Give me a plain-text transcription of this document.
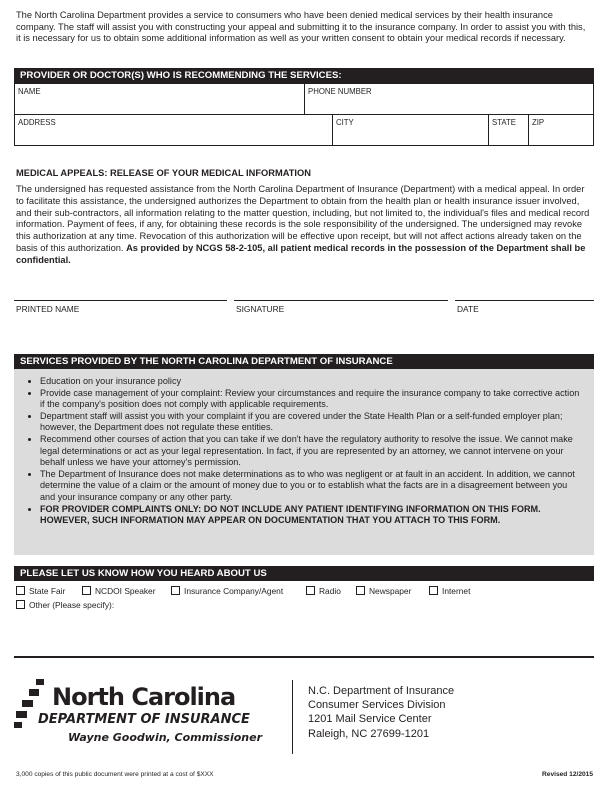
The North Carolina Department provides a service to consumers who have been denied medical services by their health insurance company. The staff will assist you with constructing your appeal and submitting it to the insurance company. In order to assist you with this, it is necessary for us to obtain some additional information as well as your written consent to obtain your medical records if necessary.
PROVIDER OR DOCTOR(S) WHO IS RECOMMENDING THE SERVICES:
NAME	PHONE NUMBER
ADDRESS	CITY	STATE	ZIP
MEDICAL APPEALS: RELEASE OF YOUR MEDICAL INFORMATION
The undersigned has requested assistance from the North Carolina Department of Insurance (Department) with a medical appeal. In order to facilitate this assistance, the undersigned authorizes the Department to obtain from the health plan or health insurance issuer involved, and their sub-contractors, all information relating to the matter question, including, but not limited to, the individual's files and medical record information. Payment of fees, if any, for obtaining these records is the sole responsibility of the undersigned. The undersigned may revoke this authorization at any time. Revocation of this authorization will be effective upon receipt, but will not affect actions already taken on the basis of this authorization. As provided by NCGS 58-2-105, all patient medical records in the possession of the Department shall be confidential.
PRINTED NAME	SIGNATURE	DATE
SERVICES PROVIDED BY THE NORTH CAROLINA DEPARTMENT OF INSURANCE
• Education on your insurance policy
• Provide case management of your complaint: Review your circumstances and require the insurance company to take corrective action if the company's position does not comply with applicable requirements.
• Department staff will assist you with your complaint if you are covered under the State Health Plan or a self-funded employer plan; however, the Department does not regulate these entities.
• Recommend other courses of action that you can take if we don't have the regulatory authority to resolve the issue. We cannot make legal determinations or act as your legal representation. In fact, if you are represented by an attorney, we cannot intervene on your behalf unless we have your attorney's permission.
• The Department of Insurance does not make determinations as to who was negligent or at fault in an accident. In addition, we cannot determine the value of a claim or the amount of money due to you or to establish what the facts are in a disagreement between you and your insurance company or any other party.
• FOR PROVIDER COMPLAINTS ONLY: DO NOT INCLUDE ANY PATIENT IDENTIFYING INFORMATION ON THIS FORM. HOWEVER, SUCH INFORMATION MAY APPEAR ON DOCUMENTATION THAT YOU ATTACH TO THIS FORM.
PLEASE LET US KNOW HOW YOU HEARD ABOUT US
State Fair	NCDOI Speaker	Insurance Company/Agent	Radio	Newspaper	Internet
Other (Please specify):
North Carolina
DEPARTMENT OF INSURANCE
Wayne Goodwin, Commissioner
N.C. Department of Insurance
Consumer Services Division
1201 Mail Service Center
Raleigh, NC 27699-1201
3,000 copies of this public document were printed at a cost of $XXX	Revised 12/2015
